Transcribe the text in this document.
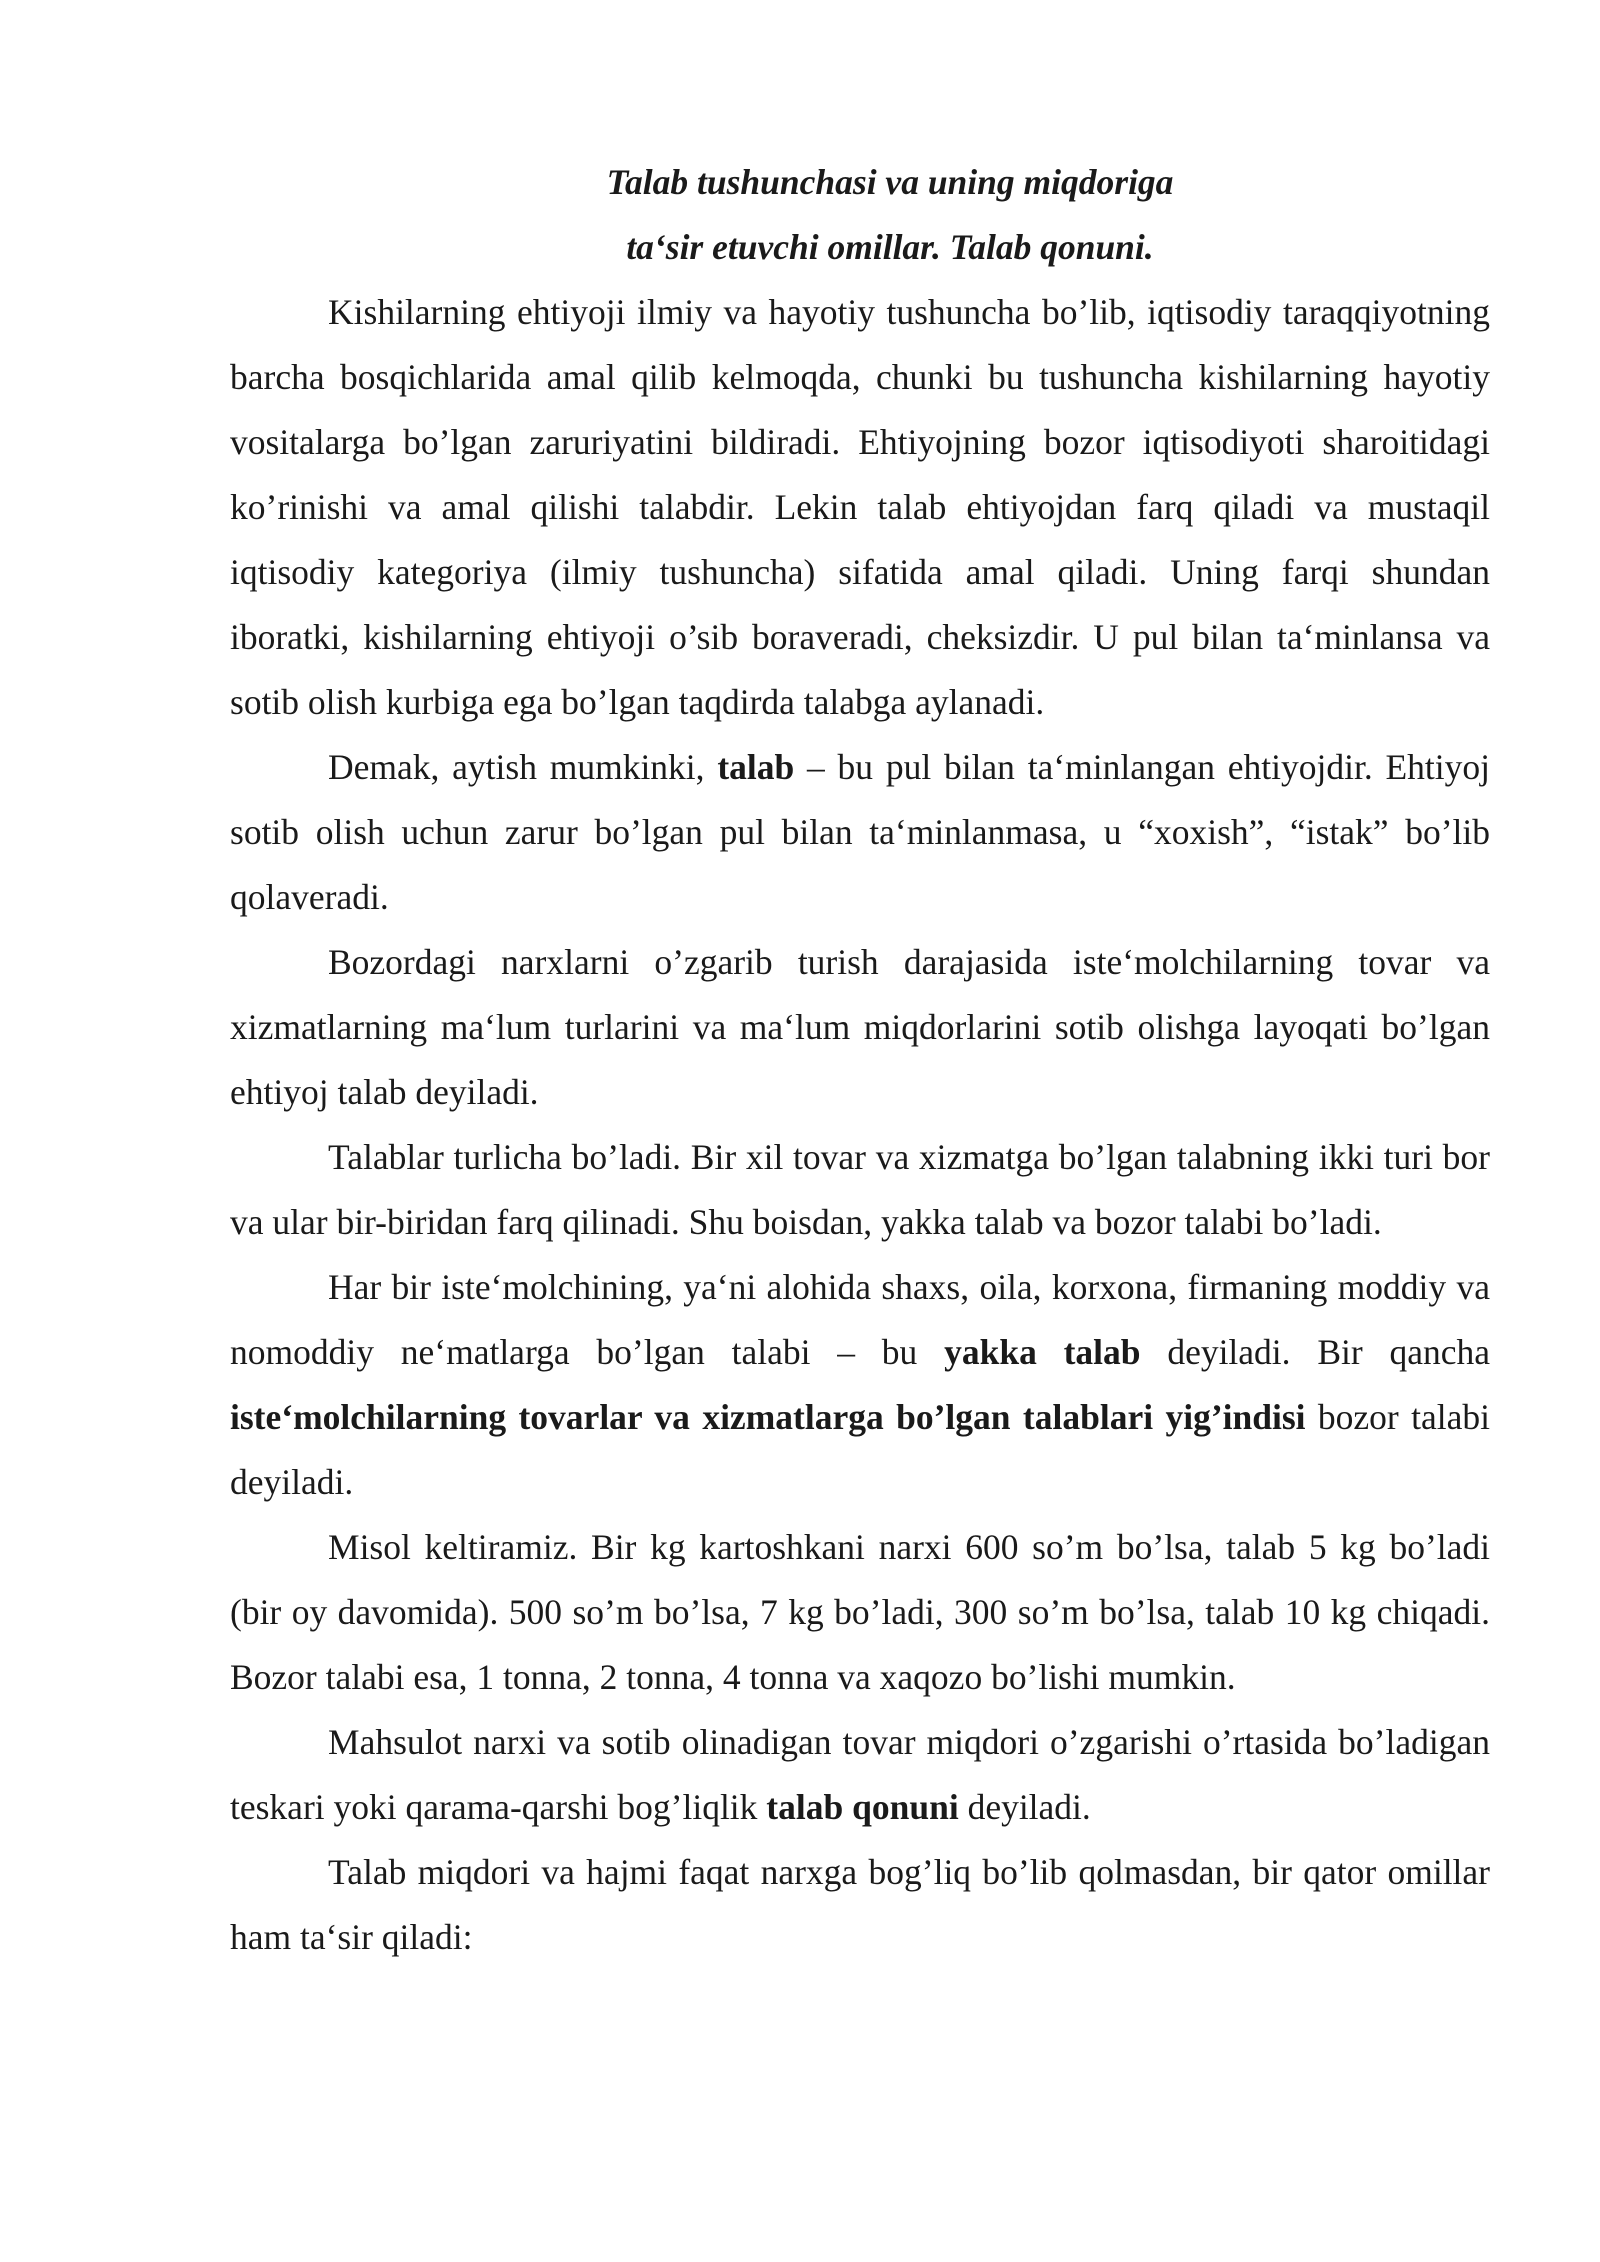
Talab tushunchasi va uning miqdoriga

ta‘sir etuvchi omillar. Talab qonuni.

Kishilarning ehtiyoji ilmiy va hayotiy tushuncha bo’lib, iqtisodiy taraqqiyotning barcha bosqichlarida amal qilib kelmoqda, chunki bu tushuncha kishilarning hayotiy vositalarga bo’lgan zaruriyatini bildiradi. Ehtiyojning bozor iqtisodiyoti sharoitidagi ko’rinishi va amal qilishi talabdir. Lekin talab ehtiyojdan farq qiladi va mustaqil iqtisodiy kategoriya (ilmiy tushuncha) sifatida amal qiladi. Uning farqi shundan iboratki, kishilarning ehtiyoji o’sib boraveradi, cheksizdir. U pul bilan ta‘minlansa va sotib olish kurbiga ega bo’lgan taqdirda talabga aylanadi.

Demak, aytish mumkinki, talab – bu pul bilan ta‘minlangan ehtiyojdir. Ehtiyoj sotib olish uchun zarur bo’lgan pul bilan ta‘minlanmasa, u “xoxish”, “istak” bo’lib qolaveradi.

Bozordagi narxlarni o’zgarib turish darajasida iste‘molchilarning tovar va xizmatlarning ma‘lum turlarini va ma‘lum miqdorlarini sotib olishga layoqati bo’lgan ehtiyoj talab deyiladi.

Talablar turlicha bo’ladi. Bir xil tovar va xizmatga bo’lgan talabning ikki turi bor va ular bir-biridan farq qilinadi. Shu boisdan, yakka talab va bozor talabi bo’ladi.

Har bir iste‘molchining, ya‘ni alohida shaxs, oila, korxona, firmaning moddiy va nomoddiy ne‘matlarga bo’lgan talabi – bu yakka talab deyiladi. Bir qancha iste‘molchilarning tovarlar va xizmatlarga bo’lgan talablari yig’indisi bozor talabi deyiladi.

Misol keltiramiz. Bir kg kartoshkani narxi 600 so’m bo’lsa, talab 5 kg bo’ladi (bir oy davomida). 500 so’m bo’lsa, 7 kg bo’ladi, 300 so’m bo’lsa, talab 10 kg chiqadi. Bozor talabi esa, 1 tonna, 2 tonna, 4 tonna va xaqozo bo’lishi mumkin.

Mahsulot narxi va sotib olinadigan tovar miqdori o’zgarishi o’rtasida bo’ladigan teskari yoki qarama-qarshi bog’liqlik talab qonuni deyiladi.

Talab miqdori va hajmi faqat narxga bog’liq bo’lib qolmasdan, bir qator omillar ham ta‘sir qiladi:
